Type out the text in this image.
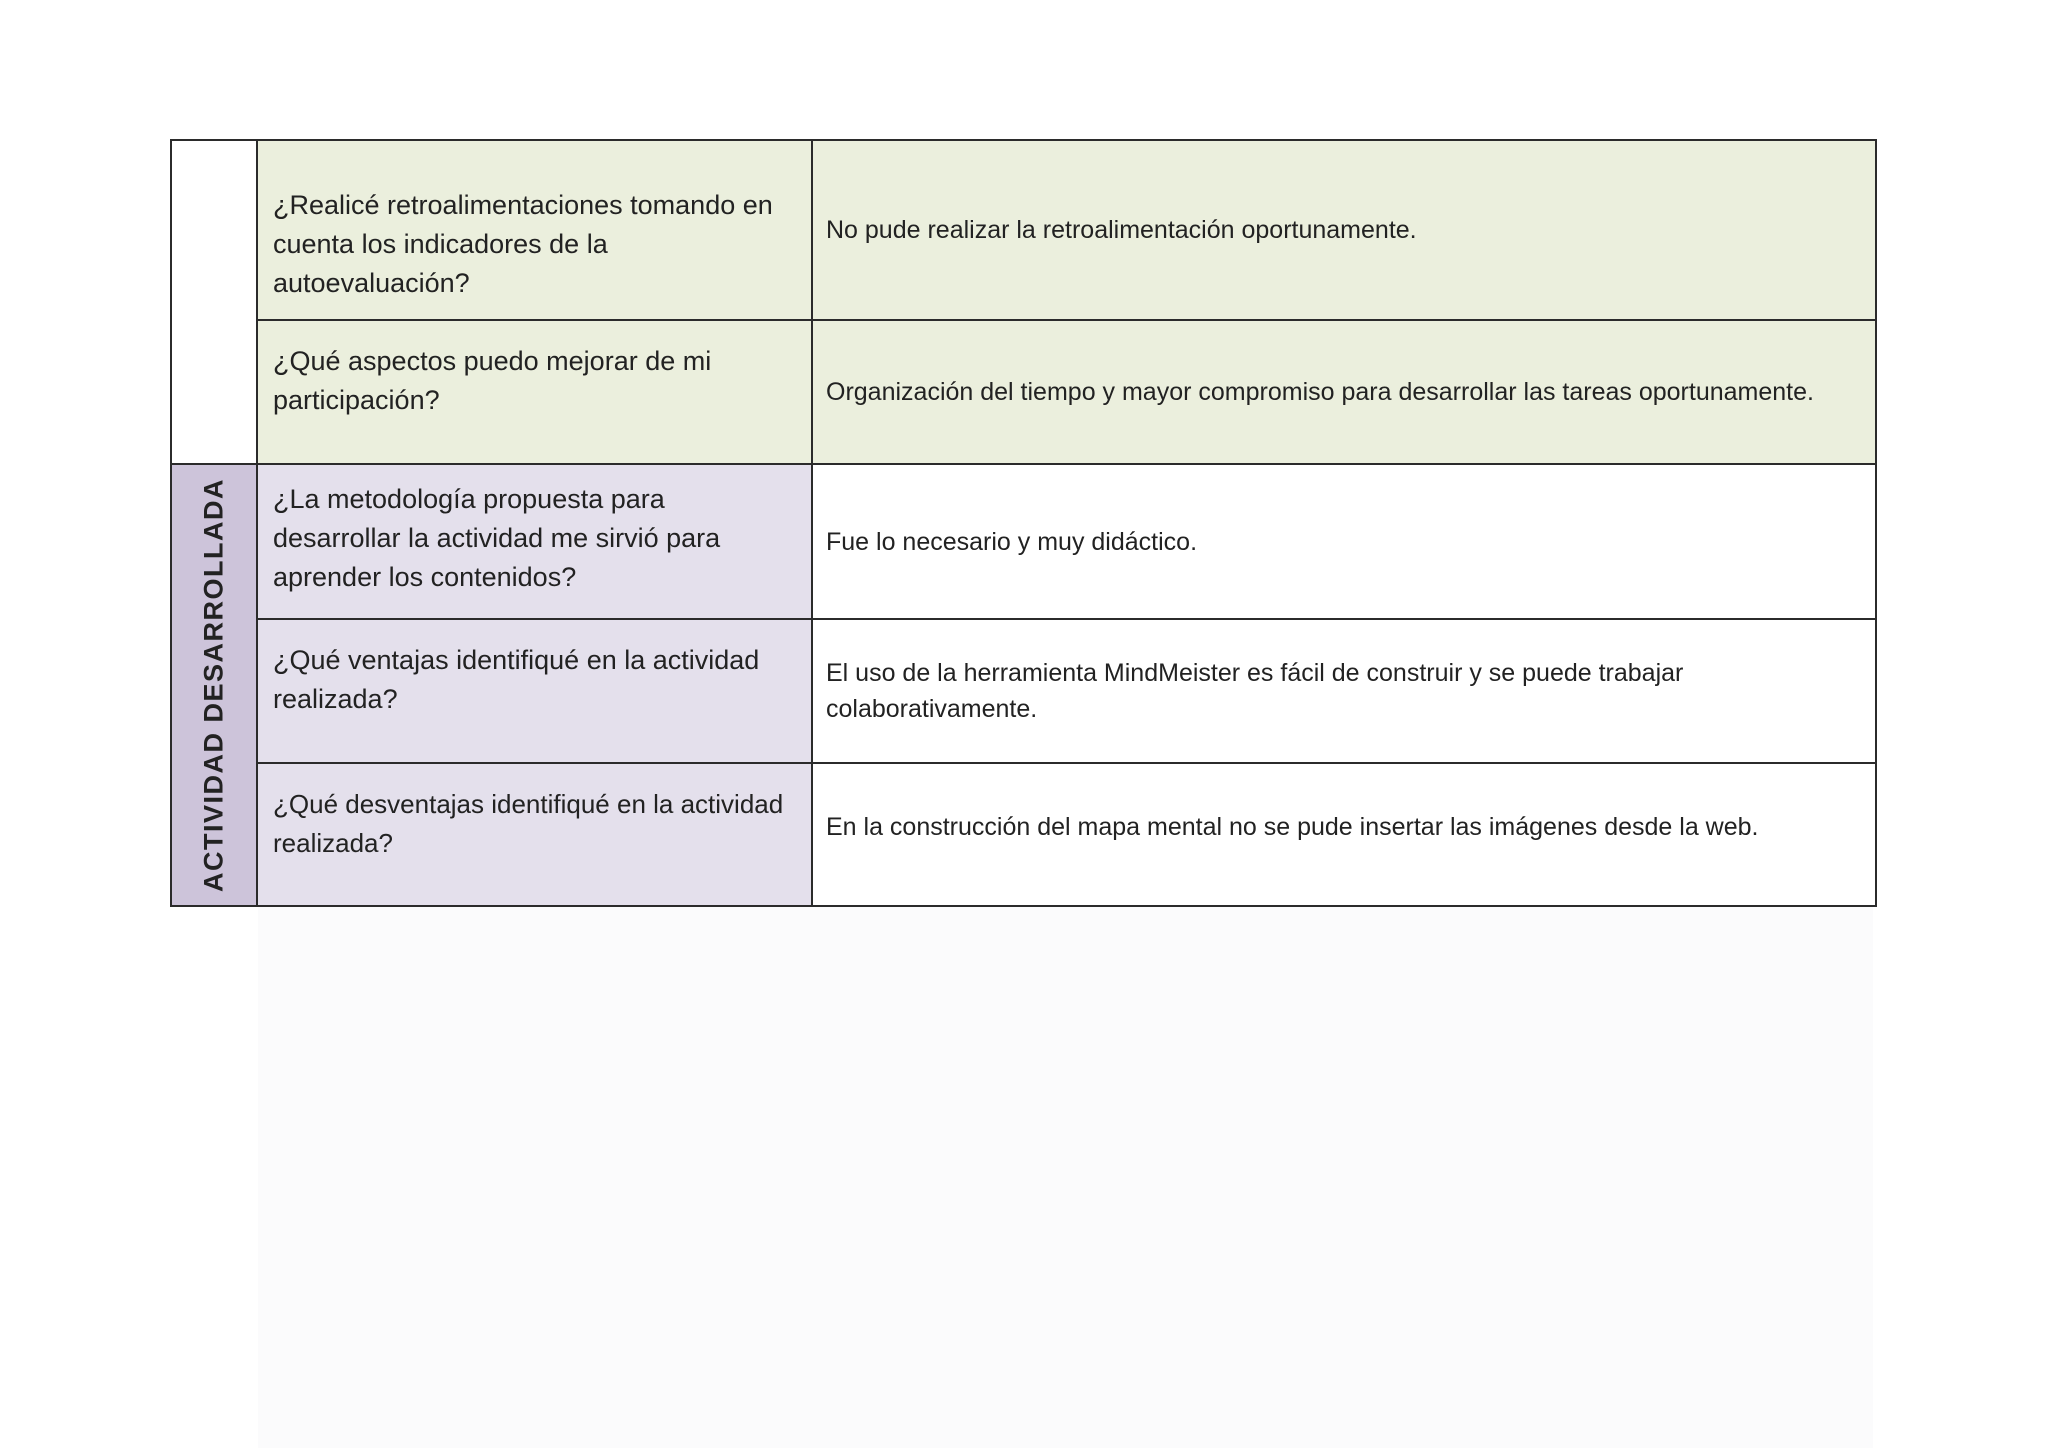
	¿Realicé retroalimentaciones tomando en cuenta los indicadores de la autoevaluación?	No pude realizar la retroalimentación oportunamente.

	¿Qué aspectos puedo mejorar de mi participación?	Organización del tiempo y mayor compromiso para desarrollar las tareas oportunamente.

ACTIVIDAD DESARROLLADA	¿La metodología propuesta para desarrollar la actividad me sirvió para aprender los contenidos?	Fue lo necesario y muy didáctico.

	¿Qué ventajas identifiqué en la actividad realizada?	El uso de la herramienta MindMeister es fácil de construir y se puede trabajar colaborativamente.

	¿Qué desventajas identifiqué en la actividad realizada?	En la construcción del mapa mental no se pude insertar las imágenes desde la web.
